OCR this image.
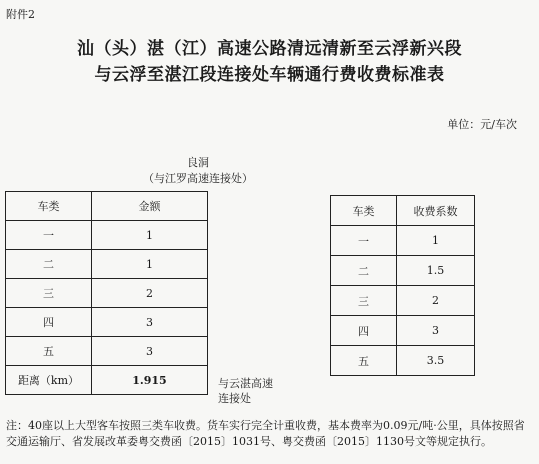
附件2
汕（头）湛（江）高速公路清远清新至云浮新兴段
与云浮至湛江段连接处车辆通行费收费标准表
单位：元/车次
良洞
（与江罗高速连接处）
车类	金额
一	1
二	1
三	2
四	3
五	3
距离（km）	1.915	与云湛高速
连接处
车类	收费系数
一	1
二	1.5
三	2
四	3
五	3.5
注：40座以上大型客车按照三类车收费。货车实行完全计重收费，基本费率为0.09元/吨·公里，具体按照省交通运输厅、省发展改革委粤交费函〔2015〕1031号、粤交费函〔2015〕1130号文等规定执行。
